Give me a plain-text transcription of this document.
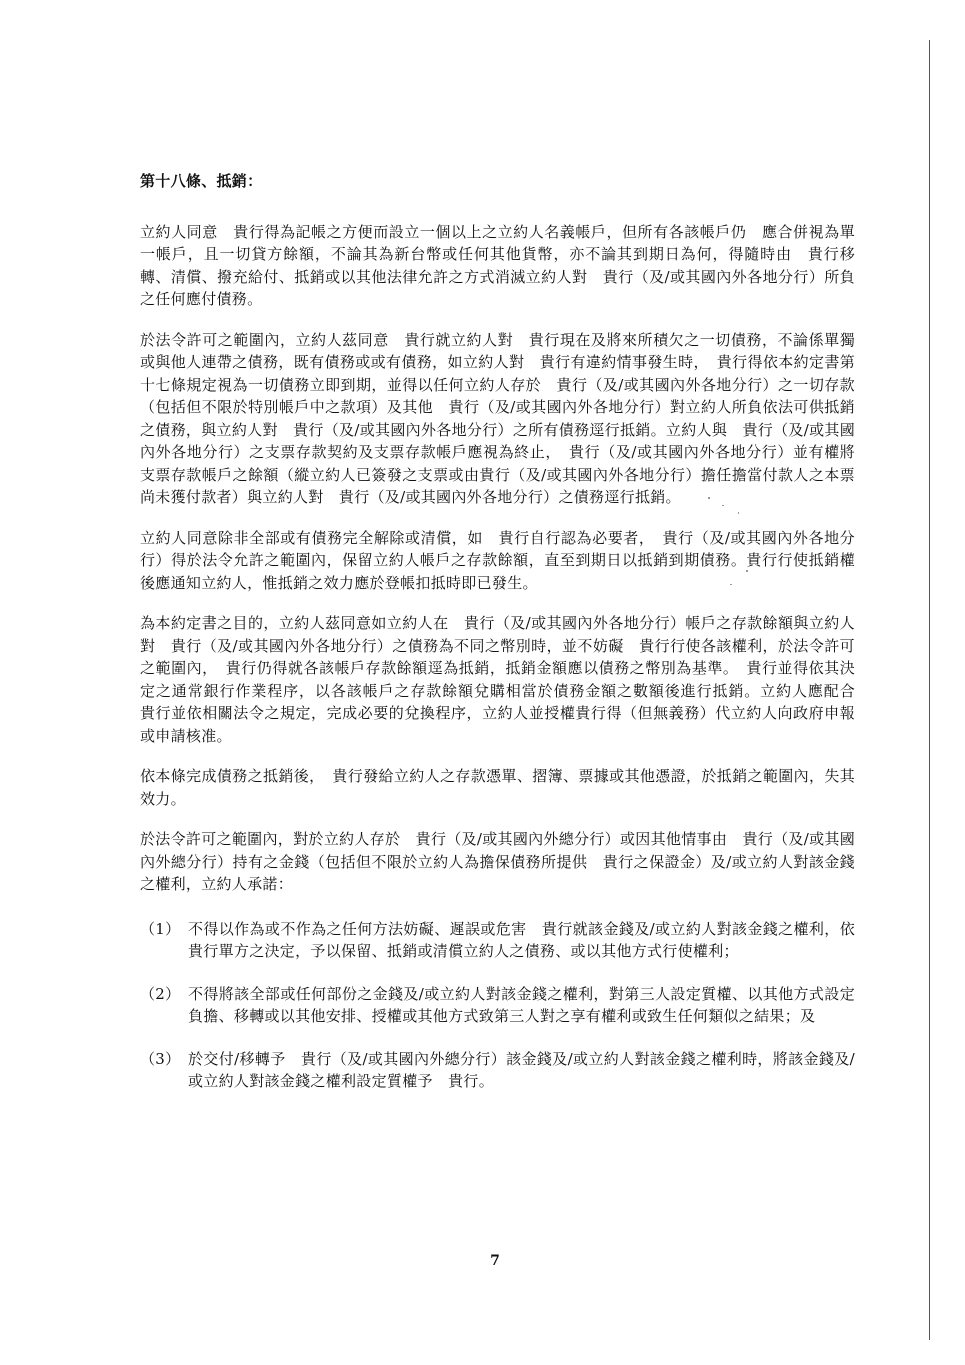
第十八條、抵銷：

立約人同意　貴行得為記帳之方便而設立一個以上之立約人名義帳戶，但所有各該帳戶仍　應合併視為單一帳戶，且一切貸方餘額，不論其為新台幣或任何其他貨幣，亦不論其到期日為何，得隨時由　貴行移轉、清償、撥充給付、抵銷或以其他法律允許之方式消滅立約人對　貴行（及/或其國內外各地分行）所負之任何應付債務。

於法令許可之範圍內，立約人茲同意　貴行就立約人對　貴行現在及將來所積欠之一切債務，不論係單獨或與他人連帶之債務，既有債務或或有債務，如立約人對　貴行有違約情事發生時，　貴行得依本約定書第十七條規定視為一切債務立即到期，並得以任何立約人存於　貴行（及/或其國內外各地分行）之一切存款（包括但不限於特別帳戶中之款項）及其他　貴行（及/或其國內外各地分行）對立約人所負依法可供抵銷之債務，與立約人對　貴行（及/或其國內外各地分行）之所有債務逕行抵銷。立約人與　貴行（及/或其國內外各地分行）之支票存款契約及支票存款帳戶應視為終止，　貴行（及/或其國內外各地分行）並有權將支票存款帳戶之餘額（縱立約人已簽發之支票或由貴行（及/或其國內外各地分行）擔任擔當付款人之本票尚未獲付款者）與立約人對　貴行（及/或其國內外各地分行）之債務逕行抵銷。

立約人同意除非全部或有債務完全解除或清償，如　貴行自行認為必要者，　貴行（及/或其國內外各地分行）得於法令允許之範圍內，保留立約人帳戶之存款餘額，直至到期日以抵銷到期債務。貴行行使抵銷權後應通知立約人，惟抵銷之效力應於登帳扣抵時即已發生。

為本約定書之目的，立約人茲同意如立約人在　貴行（及/或其國內外各地分行）帳戶之存款餘額與立約人對　貴行（及/或其國內外各地分行）之債務為不同之幣別時，並不妨礙　貴行行使各該權利，於法令許可之範圍內，　貴行仍得就各該帳戶存款餘額逕為抵銷，抵銷金額應以債務之幣別為基準。　貴行並得依其決定之通常銀行作業程序，以各該帳戶之存款餘額兌購相當於債務金額之數額後進行抵銷。立約人應配合　貴行並依相關法令之規定，完成必要的兌換程序，立約人並授權貴行得（但無義務）代立約人向政府申報或申請核准。

依本條完成債務之抵銷後，　貴行發給立約人之存款憑單、摺簿、票據或其他憑證，於抵銷之範圍內，失其效力。

於法令許可之範圍內，對於立約人存於　貴行（及/或其國內外總分行）或因其他情事由　貴行（及/或其國內外總分行）持有之金錢（包括但不限於立約人為擔保債務所提供　貴行之保證金）及/或立約人對該金錢之權利，立約人承諾：

（1） 不得以作為或不作為之任何方法妨礙、遲誤或危害　貴行就該金錢及/或立約人對該金錢之權利，依　貴行單方之決定，予以保留、抵銷或清償立約人之債務、或以其他方式行使權利；
（2） 不得將該全部或任何部份之金錢及/或立約人對該金錢之權利，對第三人設定質權、以其他方式設定負擔、移轉或以其他安排、授權或其他方式致第三人對之享有權利或致生任何類似之結果；及
（3） 於交付/移轉予　貴行（及/或其國內外總分行）該金錢及/或立約人對該金錢之權利時，將該金錢及/或立約人對該金錢之權利設定質權予　貴行。
7
